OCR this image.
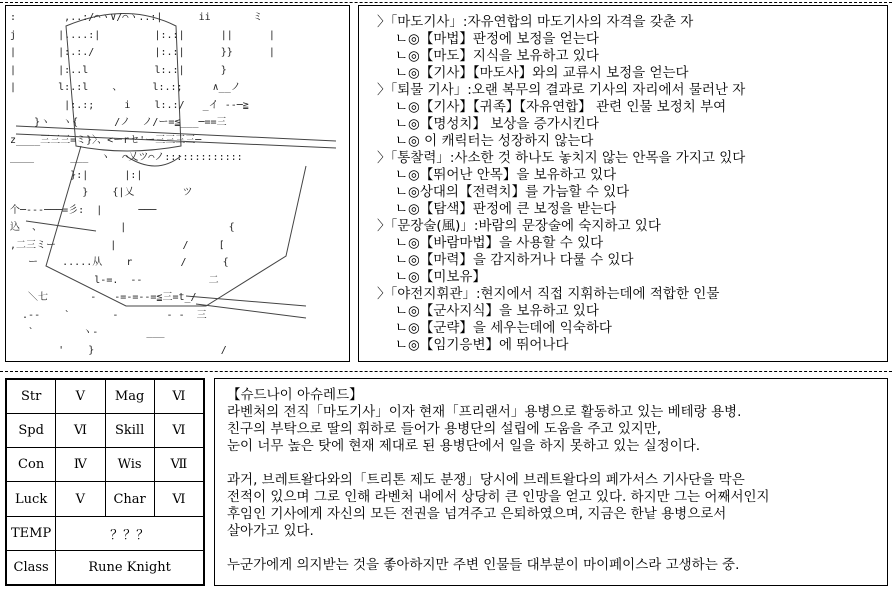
:        ,..:/⌒ヽ∨/⌒ヽ..:|      ii       ミ
j       |....:|         |:.:|      ||      |
|       |:.:./          |:.:|      }}      |
|       |:..l           l:.:|      }
|       l:.:l    、     l:.:;     ∧__ノ
|:.:;     i    l:.:/   _イ ‐‐─≧
}ヽ  ヽ{      /ノ  ノ/ー=≦___─==三
z____三三三=ミ}〉、<ーrセ'ー三三三三─
____      ___  ヽ  ⌒乂ツ⌒ノ:::::::::::::
}:|      |:|
}    {|乂        ツ
个─‐‐‐───=彡:  |      ───
込  、             |                 {
,二三ミー         |           /     [
ー    .....从    r        /      {
l-=.  ‐‐           二
＼七       ‐   ‐=‐=‐‐=≦三=t_/
.--    `       ‐        ‐ -  三
`        ヽ‐        ___
'    }                     /
〉「마도기사」:자유연합의 마도기사의 자격을 갖춘 자
ㄴ◎【마법】판정에 보정을 얻는다
ㄴ◎【마도】지식을 보유하고 있다
ㄴ◎【기사】【마도사】와의 교류시 보정을 얻는다
〉「퇴물 기사」:오랜 복무의 결과로 기사의 자리에서 물러난 자
ㄴ◎【기사】【귀족】【자유연합】 관련 인물 보정치 부여
ㄴ◎【명성치】 보상을 증가시킨다
ㄴ◎ 이 캐릭터는 성장하지 않는다
〉「통찰력」:사소한 것 하나도 놓치지 않는 안목을 가지고 있다
ㄴ◎【뛰어난 안목】을 보유하고 있다
ㄴ◎상대의【전력치】를 가늠할 수 있다
ㄴ◎【탐색】판정에 큰 보정을 받는다
〉「문장술(風)」:바람의 문장술에 숙지하고 있다
ㄴ◎【바람마법】을 사용할 수 있다
ㄴ◎【마력】을 감지하거나 다룰 수 있다
ㄴ◎【미보유】
〉「야전지휘관」:현지에서 직접 지휘하는데에 적합한 인물
ㄴ◎【군사지식】을 보유하고 있다
ㄴ◎【군략】을 세우는데에 익숙하다
ㄴ◎【임기응변】에 뛰어나다
Str	Ⅴ	Mag	Ⅵ
Spd	Ⅵ	Skill	Ⅵ
Con	Ⅳ	Wis	Ⅶ
Luck	Ⅴ	Char	Ⅵ
TEMP	？？？		
Class	Rune Knight		
【슈드나이 아슈레드】
라벤처의 전직「마도기사」이자 현재「프리랜서」용병으로 활동하고 있는 베테랑 용병.
친구의 부탁으로 딸의 휘하로 들어가 용병단의 설립에 도움을 주고 있지만,
눈이 너무 높은 탓에 현재 제대로 된 용병단에서 일을 하지 못하고 있는 실정이다.
과거, 브레트왈다와의「트리톤 제도 분쟁」당시에 브레트왈다의 페가서스 기사단을 막은
전적이 있으며 그로 인해 라벤처 내에서 상당히 큰 인망을 얻고 있다. 하지만 그는 어째서인지
후임인 기사에게 자신의 모든 전권을 넘겨주고 은퇴하였으며, 지금은 한낱 용병으로서
살아가고 있다.
누군가에게 의지받는 것을 좋아하지만 주변 인물들 대부분이 마이페이스라 고생하는 중.
